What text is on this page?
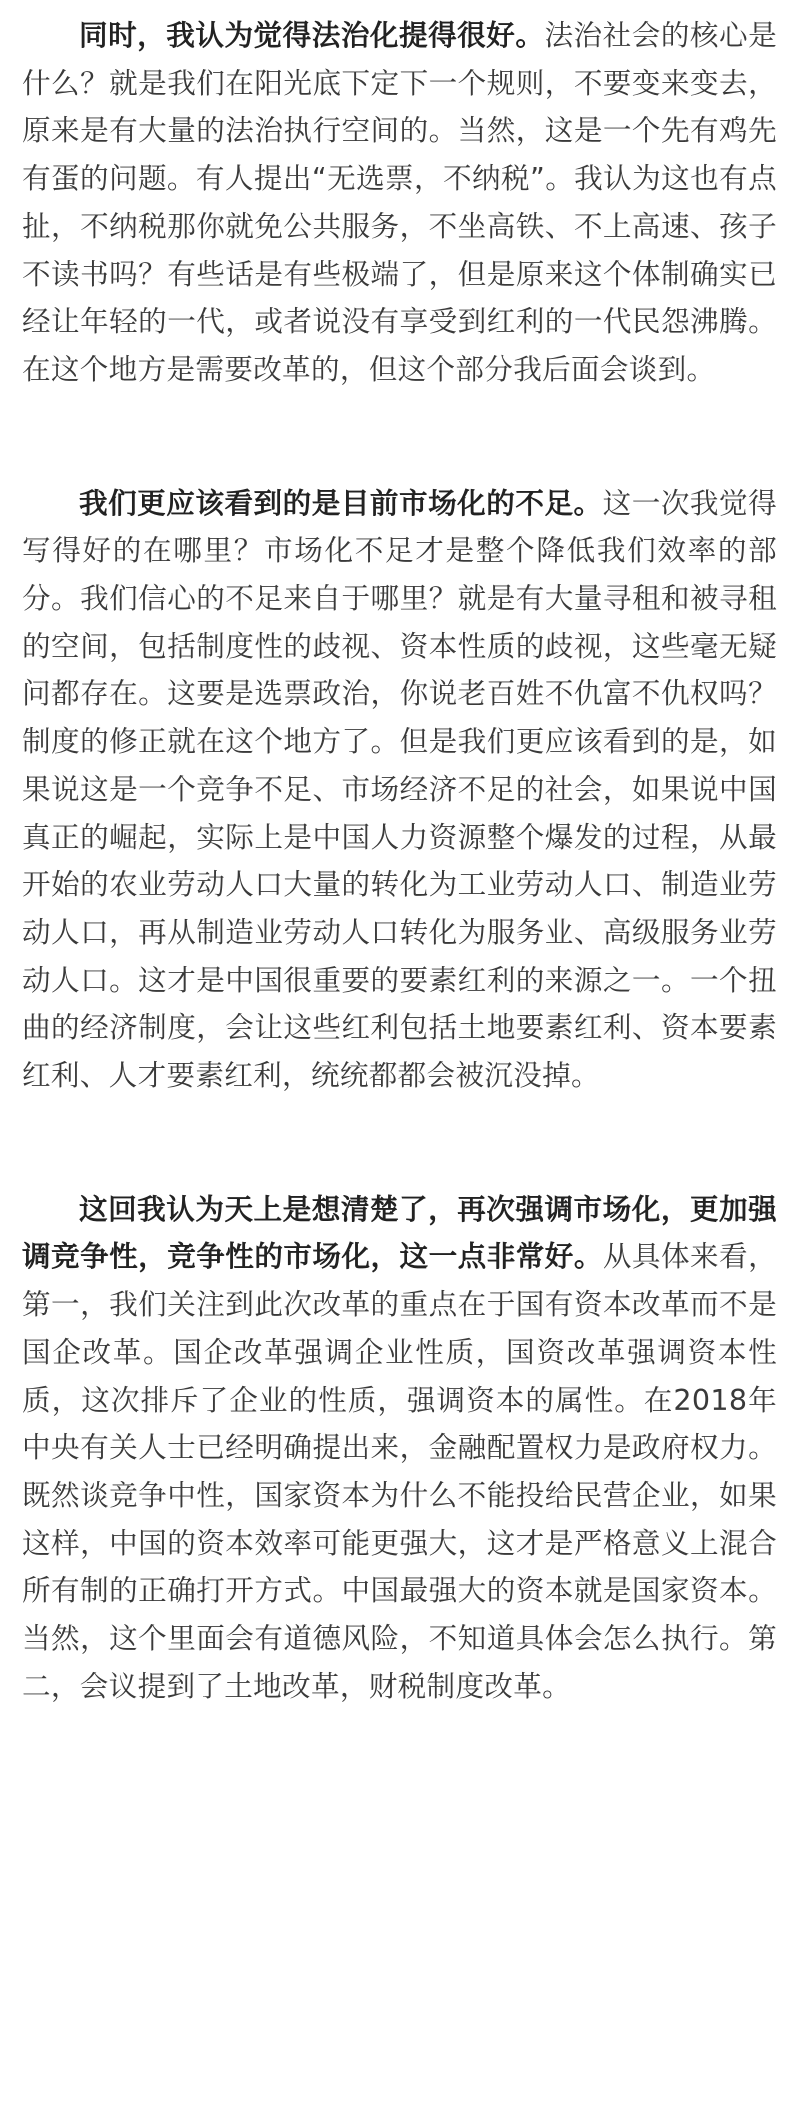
同时，我认为觉得法治化提得很好。法治社会的核心是什么？就是我们在阳光底下定下一个规则，不要变来变去，原来是有大量的法治执行空间的。当然，这是一个先有鸡先有蛋的问题。有人提出“无选票，不纳税”。我认为这也有点扯，不纳税那你就免公共服务，不坐高铁、不上高速、孩子不读书吗？有些话是有些极端了，但是原来这个体制确实已经让年轻的一代，或者说没有享受到红利的一代民怨沸腾。在这个地方是需要改革的，但这个部分我后面会谈到。

我们更应该看到的是目前市场化的不足。这一次我觉得写得好的在哪里？市场化不足才是整个降低我们效率的部分。我们信心的不足来自于哪里？就是有大量寻租和被寻租的空间，包括制度性的歧视、资本性质的歧视，这些毫无疑问都存在。这要是选票政治，你说老百姓不仇富不仇权吗？制度的修正就在这个地方了。但是我们更应该看到的是，如果说这是一个竞争不足、市场经济不足的社会，如果说中国真正的崛起，实际上是中国人力资源整个爆发的过程，从最开始的农业劳动人口大量的转化为工业劳动人口、制造业劳动人口，再从制造业劳动人口转化为服务业、高级服务业劳动人口。这才是中国很重要的要素红利的来源之一。一个扭曲的经济制度，会让这些红利包括土地要素红利、资本要素红利、人才要素红利，统统都都会被沉没掉。

这回我认为天上是想清楚了，再次强调市场化，更加强调竞争性，竞争性的市场化，这一点非常好。从具体来看，第一，我们关注到此次改革的重点在于国有资本改革而不是国企改革。国企改革强调企业性质，国资改革强调资本性质，这次排斥了企业的性质，强调资本的属性。在2018年中央有关人士已经明确提出来，金融配置权力是政府权力。既然谈竞争中性，国家资本为什么不能投给民营企业，如果这样，中国的资本效率可能更强大，这才是严格意义上混合所有制的正确打开方式。中国最强大的资本就是国家资本。当然，这个里面会有道德风险，不知道具体会怎么执行。第二，会议提到了土地改革，财税制度改革。
